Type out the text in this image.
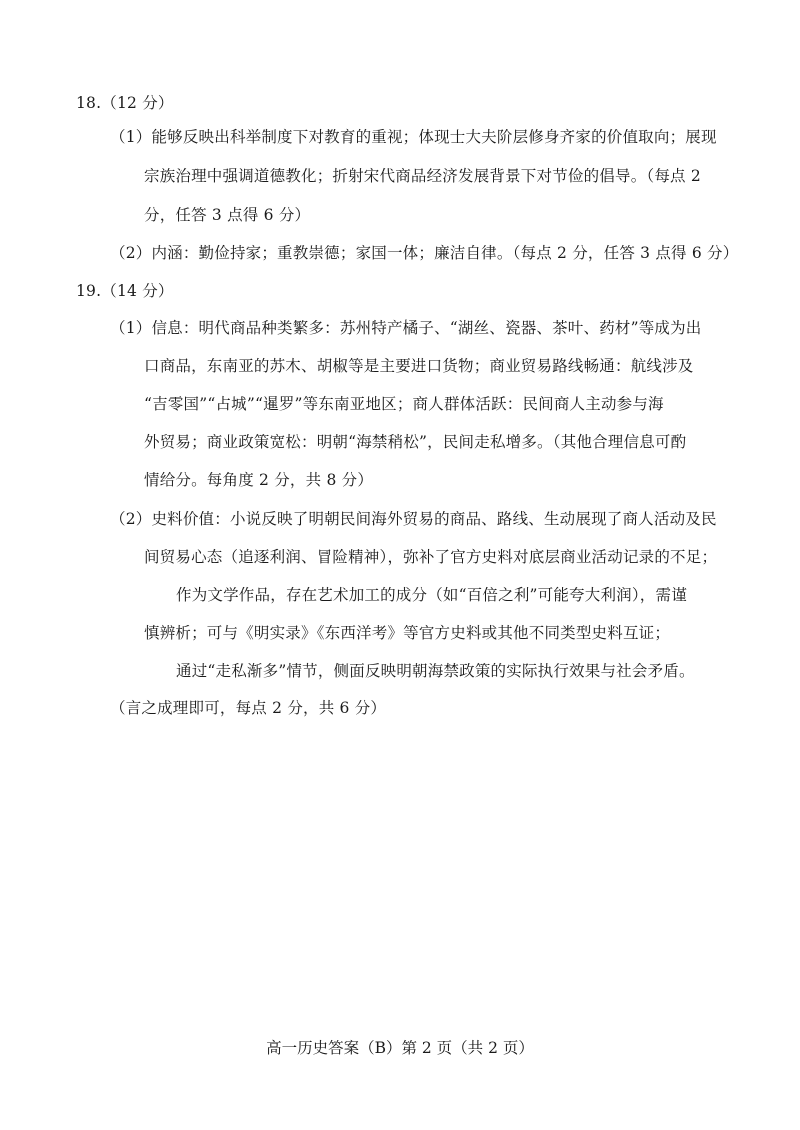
18.（12 分）
（1）能够反映出科举制度下对教育的重视；体现士大夫阶层修身齐家的价值取向；展现
宗族治理中强调道德教化；折射宋代商品经济发展背景下对节俭的倡导。（每点 2
分，任答 3 点得 6 分）
（2）内涵：勤俭持家；重教崇德；家国一体；廉洁自律。（每点 2 分，任答 3 点得 6 分）
19.（14 分）
（1）信息：明代商品种类繁多：苏州特产橘子、“湖丝、瓷器、茶叶、药材”等成为出
口商品，东南亚的苏木、胡椒等是主要进口货物；商业贸易路线畅通：航线涉及
“吉零国”“占城”“暹罗”等东南亚地区；商人群体活跃：民间商人主动参与海
外贸易；商业政策宽松：明朝“海禁稍松”，民间走私增多。（其他合理信息可酌
情给分。每角度 2 分，共 8 分）
（2）史料价值：小说反映了明朝民间海外贸易的商品、路线、生动展现了商人活动及民
间贸易心态（追逐利润、冒险精神），弥补了官方史料对底层商业活动记录的不足；
作为文学作品，存在艺术加工的成分（如“百倍之利”可能夸大利润），需谨
慎辨析；可与《明实录》《东西洋考》等官方史料或其他不同类型史料互证；
通过“走私渐多”情节，侧面反映明朝海禁政策的实际执行效果与社会矛盾。
（言之成理即可，每点 2 分，共 6 分）
高一历史答案（B）第 2 页（共 2 页）
